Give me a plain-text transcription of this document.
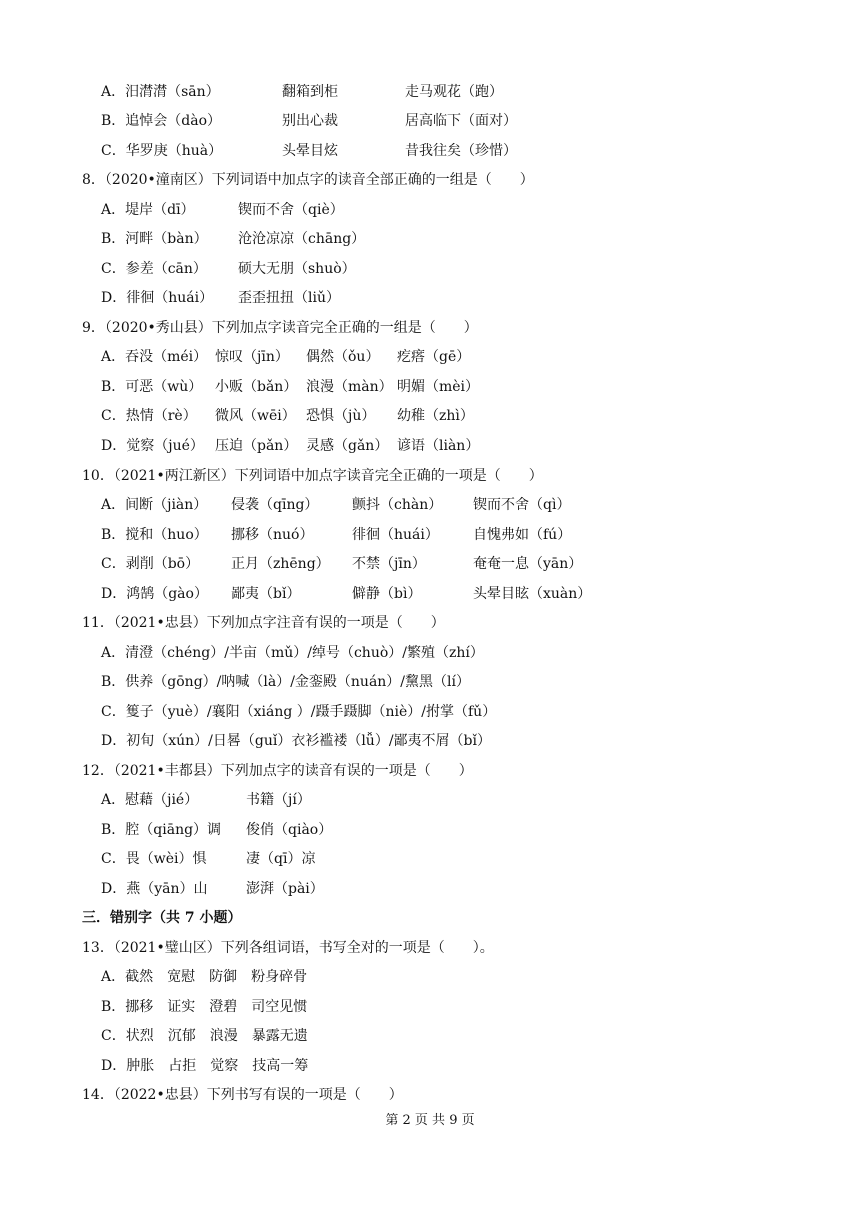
第 2 页 共 9 页
A．汨潸潸（sān）	翻箱到柜	走马观花（跑）
B．追悼会（dào）	别出心裁	居高临下（面对）
C．华罗庚（huà）	头晕目炫	昔我往矣（珍惜）
8．（2020•潼南区）下列词语中加点字的读音全部正确的一组是（　　）
A．堤岸（dī）	锲而不舍（qiè）
B．河畔（bàn） 沧沧凉凉（chāng）
C．参差（cān） 硕大无朋（shuò）
D．徘徊（huái） 歪歪扭扭（liǔ）
9．（2020•秀山县）下列加点字读音完全正确的一组是（　　）
A．吞没（méi） 惊叹（jīn） 偶然（ǒu） 疙瘩（gē）
B．可恶（wù） 小贩（bǎn） 浪漫（màn） 明媚（mèi）
C．热情（rè） 微风（wēi） 恐惧（jù） 幼稚（zhì）
D．觉察（jué） 压迫（pǎn） 灵感（gǎn） 谚语（liàn）
10．（2021•两江新区）下列词语中加点字读音完全正确的一项是（　　）
A．间断（jiàn） 侵袭（qīng） 颤抖（chàn） 锲而不舍（qì）
B．搅和（huo） 挪移（nuó）	徘徊（huái） 自愧弗如（fú）
C．剥削（bō） 正月（zhēng） 不禁（jīn）	奄奄一息（yān）
D．鸿鹄（gào） 鄙夷（bǐ）	僻静（bì）	头晕目眩（xuàn）
11．（2021•忠县）下列加点字注音有误的一项是（　　）
A．清澄（chéng）/半亩（mǔ）/绰号（chuò）/繁殖（zhí）
B．供养（gōng）/呐喊（là）/金銮殿（nuán）/黧黑（lí）
C．篗子（yuè）/襄阳（xiáng ）/蹑手蹑脚（niè）/拊掌（fǔ）
D．初旬（xún）/日晷（guǐ）衣衫褴褛（lǚ）/鄙夷不屑（bǐ）
12．（2021•丰都县）下列加点字的读音有误的一项是（　　）
A．慰藉（jié）	书籍（jí）
B．腔（qiāng）调 俊俏（qiào）
C．畏（wèi）惧	凄（qī）凉
D．燕（yān）山	澎湃（pài）
三．错别字（共 7 小题）
13．（2021•璧山区）下列各组词语，书写全对的一项是（　　）。
A．截然　宽慰　防御　粉身碎骨
B．挪移　证实　澄碧　司空见惯
C．状烈　沉郁　浪漫　暴露无遗
D．肿胀　占拒　觉察　技高一筹
14．（2022•忠县）下列书写有误的一项是（　　）
